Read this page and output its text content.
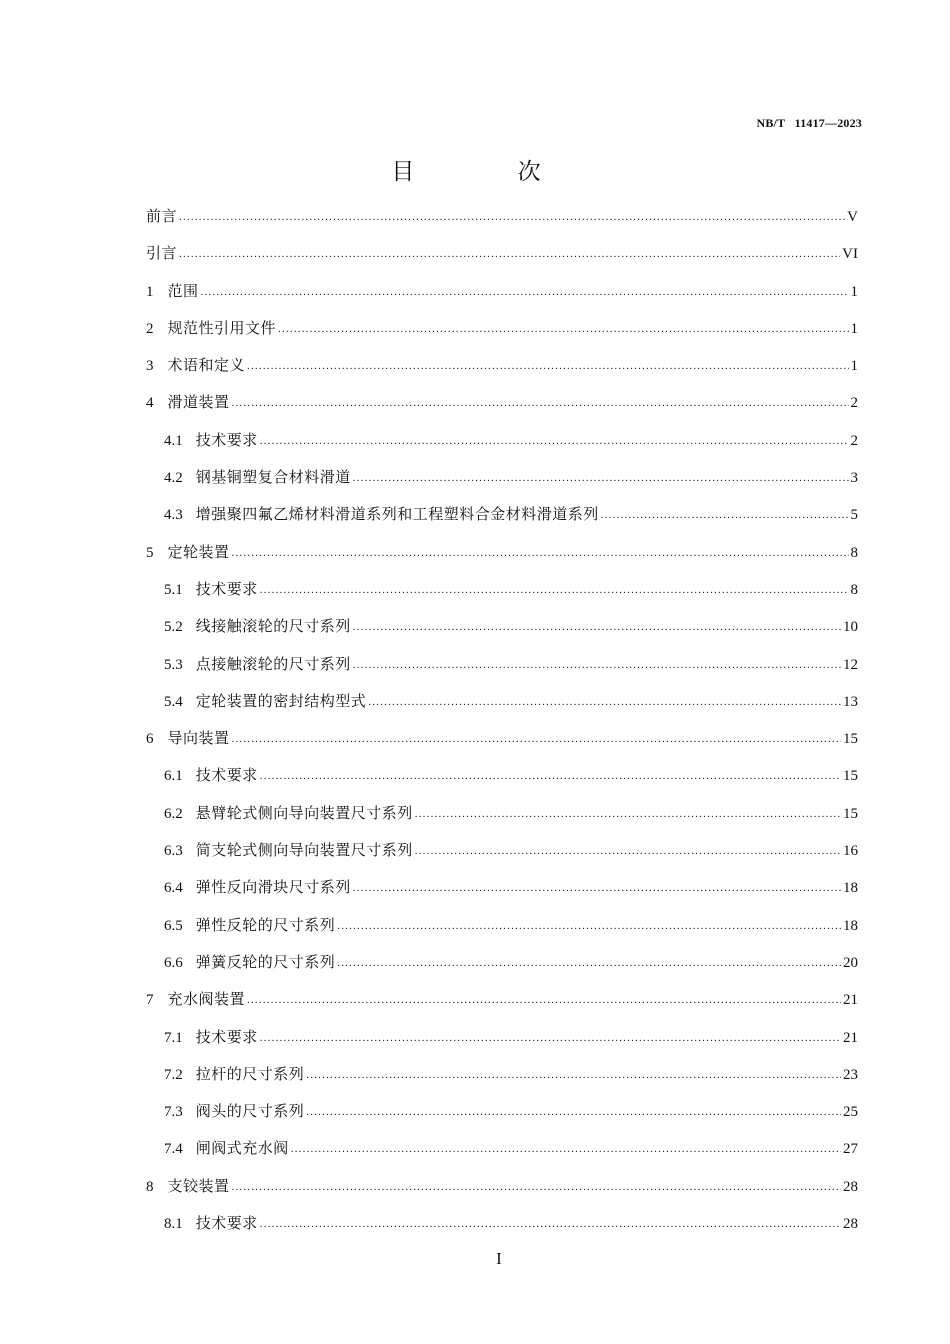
NB/T   11417—2023
目 次
前言 .....	V
引言 .....	VI
1 范围 .....	1
2 规范性引用文件 .....	1
3 术语和定义 .....	1
4 滑道装置 .....	2
4.1 技术要求 .....	2
4.2 钢基铜塑复合材料滑道 .....	3
4.3 增强聚四氟乙烯材料滑道系列和工程塑料合金材料滑道系列 .....	5
5 定轮装置 .....	8
5.1 技术要求 .....	8
5.2 线接触滚轮的尺寸系列 .....	10
5.3 点接触滚轮的尺寸系列 .....	12
5.4 定轮装置的密封结构型式 .....	13
6 导向装置 .....	15
6.1 技术要求 .....	15
6.2 悬臂轮式侧向导向装置尺寸系列 .....	15
6.3 简支轮式侧向导向装置尺寸系列 .....	16
6.4 弹性反向滑块尺寸系列 .....	18
6.5 弹性反轮的尺寸系列 .....	18
6.6 弹簧反轮的尺寸系列 .....	20
7 充水阀装置 .....	21
7.1 技术要求 .....	21
7.2 拉杆的尺寸系列 .....	23
7.3 阀头的尺寸系列 .....	25
7.4 闸阀式充水阀 .....	27
8 支铰装置 .....	28
8.1 技术要求 .....	28
I
